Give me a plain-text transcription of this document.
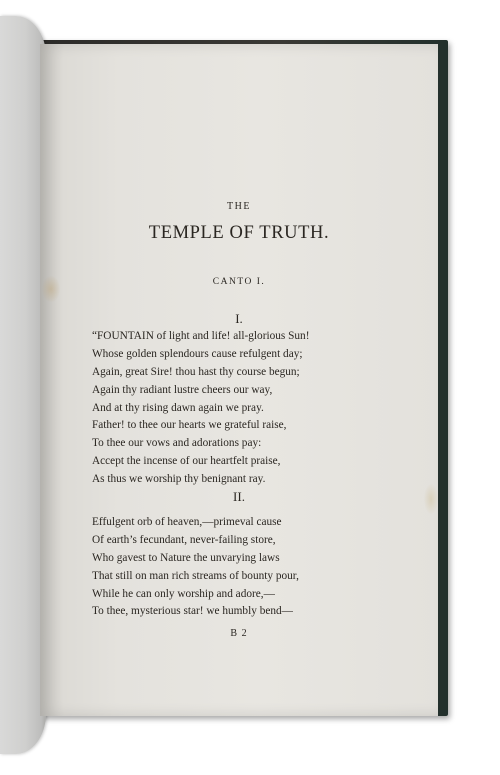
THE
TEMPLE OF TRUTH.
CANTO I.
I.
“FOUNTAIN of light and life! all-glorious Sun!
Whose golden splendours cause refulgent day;
Again, great Sire! thou hast thy course begun;
Again thy radiant lustre cheers our way,
And at thy rising dawn again we pray.
Father! to thee our hearts we grateful raise,
To thee our vows and adorations pay:
Accept the incense of our heartfelt praise,
As thus we worship thy benignant ray.
II.
Effulgent orb of heaven,—primeval cause
Of earth’s fecundant, never-failing store,
Who gavest to Nature the unvarying laws
That still on man rich streams of bounty pour,
While he can only worship and adore,—
To thee, mysterious star! we humbly bend—
B 2
